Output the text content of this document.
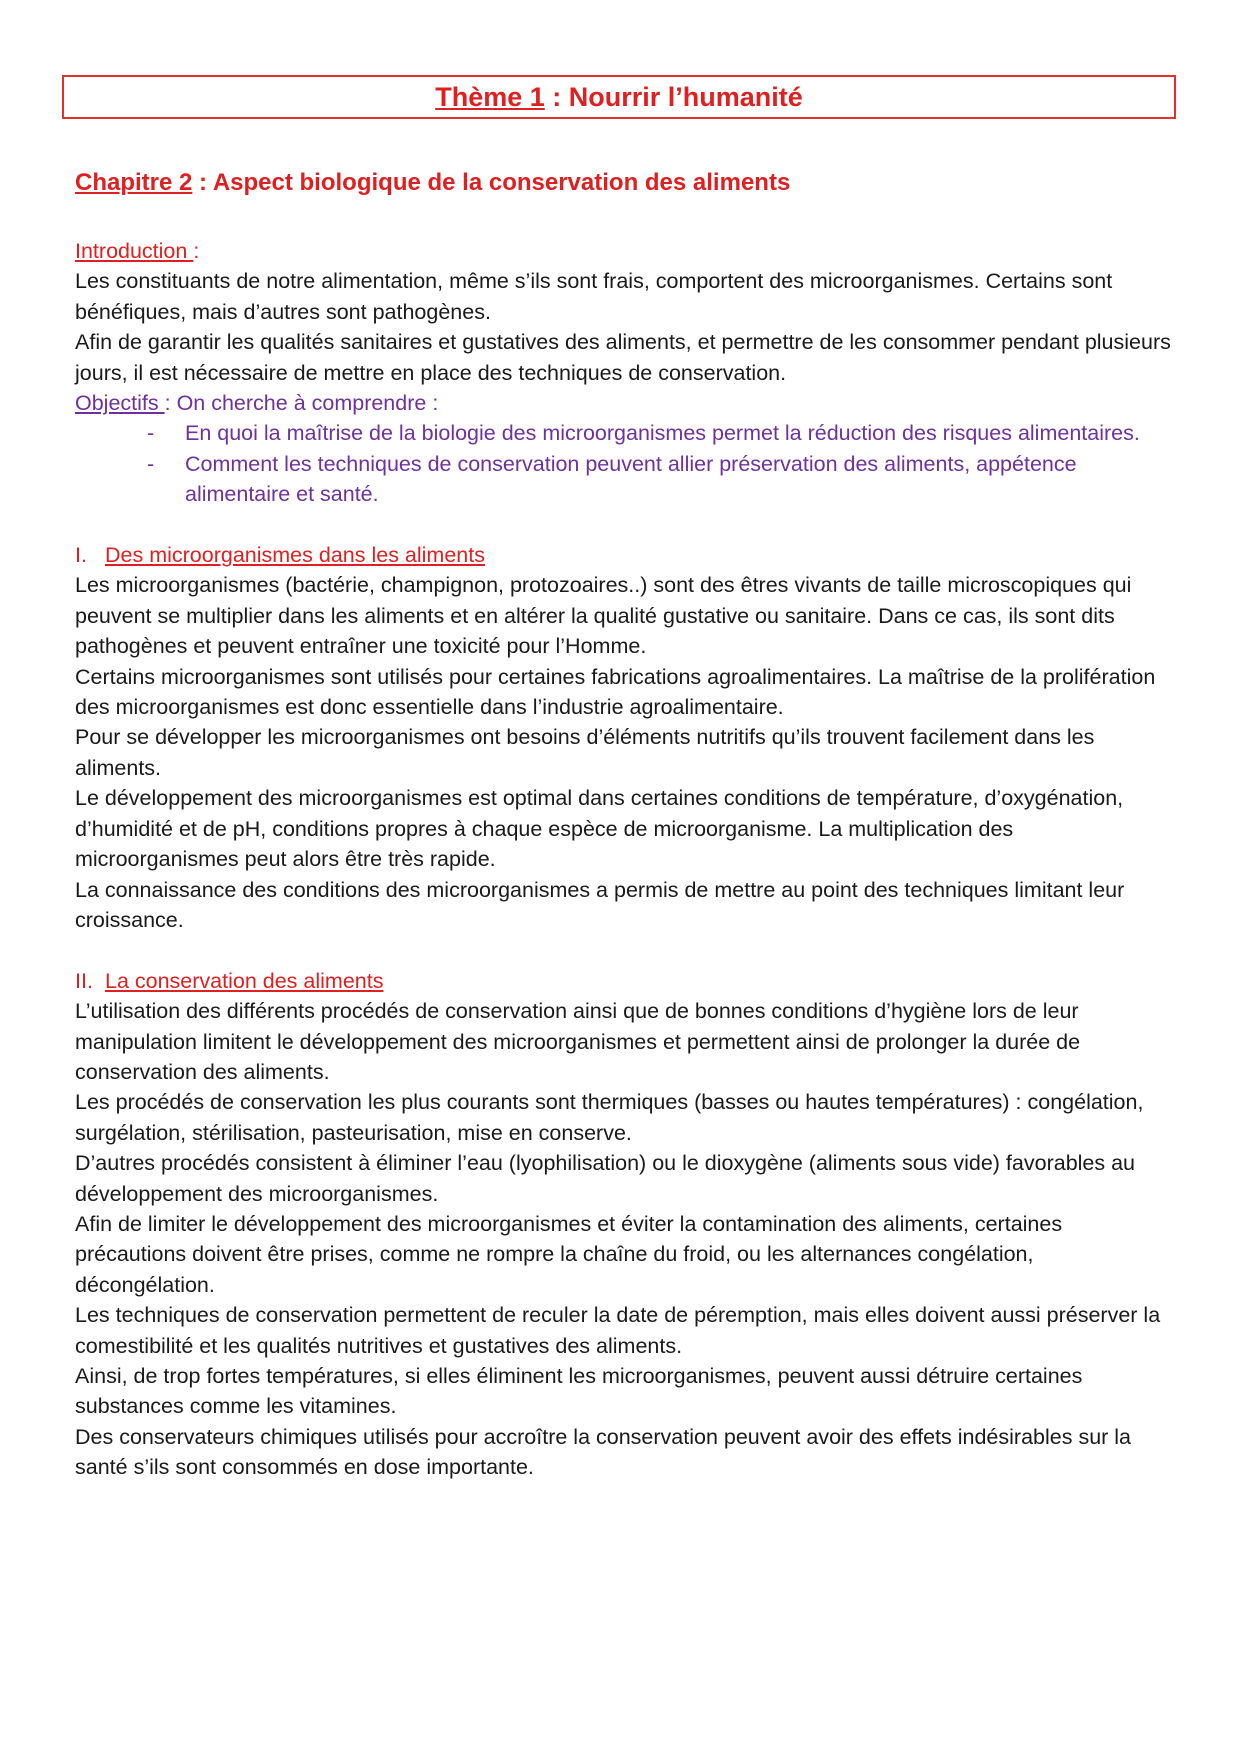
Thème 1 : Nourrir l’humanité
Chapitre 2 : Aspect biologique de la conservation des aliments

Introduction :

Les constituants de notre alimentation, même s’ils sont frais, comportent des microorganismes. Certains sont bénéfiques, mais d’autres sont pathogènes.

Afin de garantir les qualités sanitaires et gustatives des aliments, et permettre de les consommer pendant plusieurs jours, il est nécessaire de mettre en place des techniques de conservation.

Objectifs : On cherche à comprendre :

- En quoi la maîtrise de la biologie des microorganismes permet la réduction des risques alimentaires.
- Comment les techniques de conservation peuvent allier préservation des aliments, appétence alimentaire et santé.

I. Des microorganismes dans les aliments

Les microorganismes (bactérie, champignon, protozoaires..) sont des êtres vivants de taille microscopiques qui peuvent se multiplier dans les aliments et en altérer la qualité gustative ou sanitaire. Dans ce cas, ils sont dits pathogènes et peuvent entraîner une toxicité pour l’Homme.

Certains microorganismes sont utilisés pour certaines fabrications agroalimentaires. La maîtrise de la prolifération des microorganismes est donc essentielle dans l’industrie agroalimentaire.

Pour se développer les microorganismes ont besoins d’éléments nutritifs qu’ils trouvent facilement dans les aliments.

Le développement des microorganismes est optimal dans certaines conditions de température, d’oxygénation, d’humidité et de pH, conditions propres à chaque espèce de microorganisme. La multiplication des microorganismes peut alors être très rapide.

La connaissance des conditions des microorganismes a permis de mettre au point des techniques limitant leur croissance.

II. La conservation des aliments

L’utilisation des différents procédés de conservation ainsi que de bonnes conditions d’hygiène lors de leur manipulation limitent le développement des microorganismes et permettent ainsi de prolonger la durée de conservation des aliments.

Les procédés de conservation les plus courants sont thermiques (basses ou hautes températures) : congélation, surgélation, stérilisation, pasteurisation, mise en conserve.

D’autres procédés consistent à éliminer l’eau (lyophilisation) ou le dioxygène (aliments sous vide) favorables au développement des microorganismes.

Afin de limiter le développement des microorganismes et éviter la contamination des aliments, certaines précautions doivent être prises, comme ne rompre la chaîne du froid, ou les alternances congélation, décongélation.

Les techniques de conservation permettent de reculer la date de péremption, mais elles doivent aussi préserver la comestibilité et les qualités nutritives et gustatives des aliments.

Ainsi, de trop fortes températures, si elles éliminent les microorganismes, peuvent aussi détruire certaines substances comme les vitamines.

Des conservateurs chimiques utilisés pour accroître la conservation peuvent avoir des effets indésirables sur la santé s’ils sont consommés en dose importante.
